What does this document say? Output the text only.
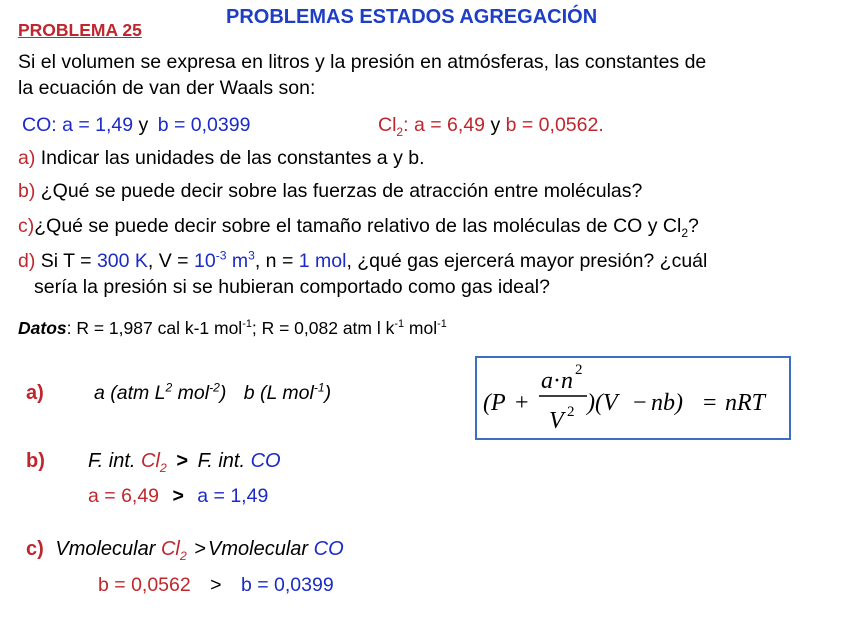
PROBLEMAS ESTADOS AGREGACIÓN
PROBLEMA 25
Si el volumen se expresa en litros y la presión en atmósferas, las constantes de
la ecuación de van der Waals son:
CO: a = 1,49 y b = 0,0399	$Cl_2$: a = 6,49 y b = 0,0562.
a) Indicar las unidades de las constantes a y b.
b) ¿Qué se puede decir sobre las fuerzas de atracción entre moléculas?
c)¿Qué se puede decir sobre el tamaño relativo de las moléculas de CO y $Cl_2$?
d) Si T = 300 K, $V = 10^{-3}$ $m^3$, n = 1 mol, ¿qué gas ejercerá mayor presión? ¿cuál
sería la presión si se hubieran comportado como gas ideal?
Datos: R = 1,987 cal k-1 mol$^{-1}$; R = 0,082 atm l $k^{-1}$ mol$^{-1}$
a)	a (atm $L^2$ mol$^{-2}$) b (L mol$^{-1}$)	(P +
a · n 2
V 2 )(V − nb) = nRT
b) F. int. $Cl_2 > F$. int. CO
a = 6,49 > a = 1,49
c) Vmolecular $Cl_2$ > Vmolecular CO
b = 0,0562 > b = 0,0399
